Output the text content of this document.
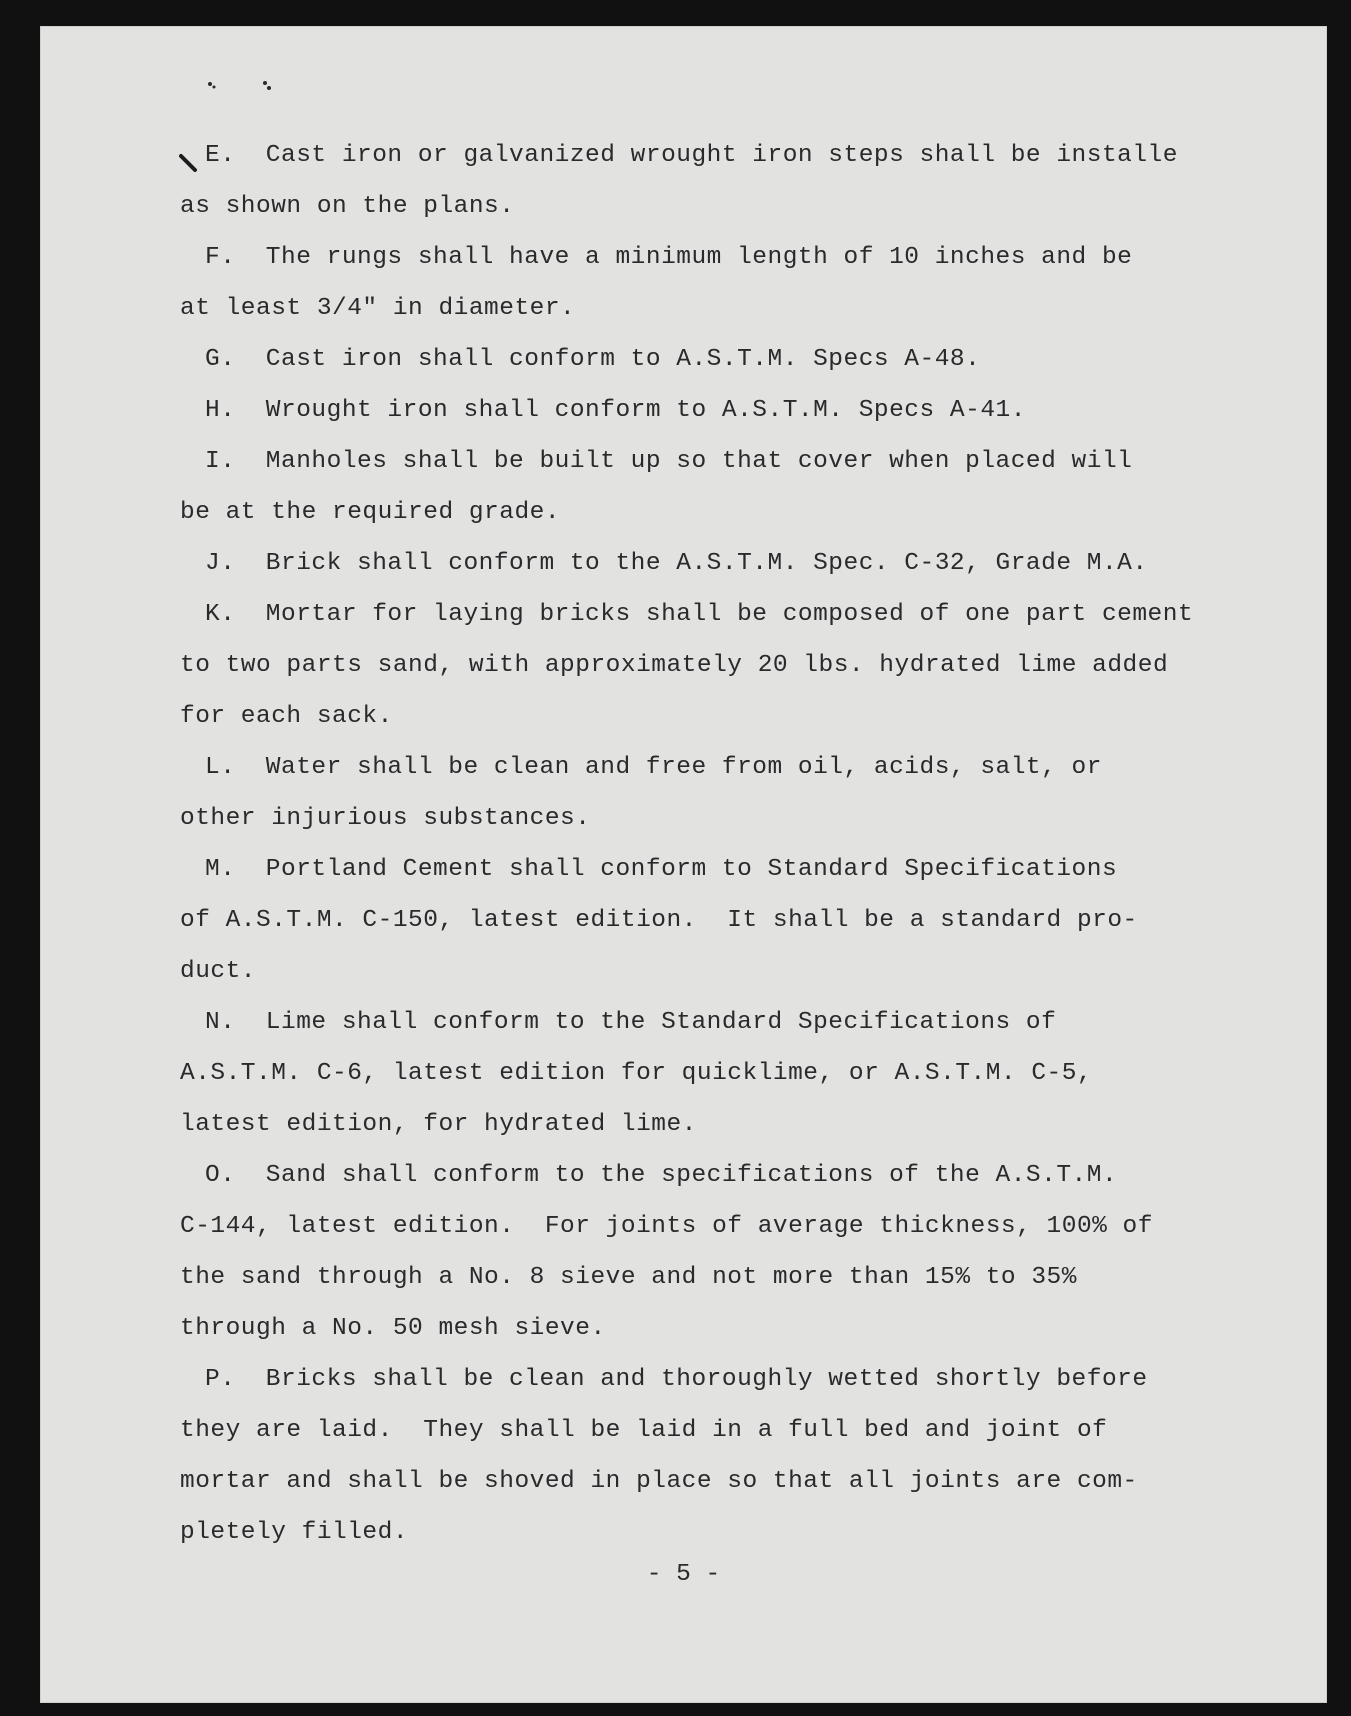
E.  Cast iron or galvanized wrought iron steps shall be installe
as shown on the plans.
F.  The rungs shall have a minimum length of 10 inches and be
at least 3/4" in diameter.
G.  Cast iron shall conform to A.S.T.M. Specs A-48.
H.  Wrought iron shall conform to A.S.T.M. Specs A-41.
I.  Manholes shall be built up so that cover when placed will
be at the required grade.
J.  Brick shall conform to the A.S.T.M. Spec. C-32, Grade M.A.
K.  Mortar for laying bricks shall be composed of one part cement
to two parts sand, with approximately 20 lbs. hydrated lime added
for each sack.
L.  Water shall be clean and free from oil, acids, salt, or
other injurious substances.
M.  Portland Cement shall conform to Standard Specifications
of A.S.T.M. C-150, latest edition.  It shall be a standard pro-
duct.
N.  Lime shall conform to the Standard Specifications of
A.S.T.M. C-6, latest edition for quicklime, or A.S.T.M. C-5,
latest edition, for hydrated lime.
O.  Sand shall conform to the specifications of the A.S.T.M.
C-144, latest edition.  For joints of average thickness, 100% of
the sand through a No. 8 sieve and not more than 15% to 35%
through a No. 50 mesh sieve.
P.  Bricks shall be clean and thoroughly wetted shortly before
they are laid.  They shall be laid in a full bed and joint of
mortar and shall be shoved in place so that all joints are com-
pletely filled.
- 5 -
